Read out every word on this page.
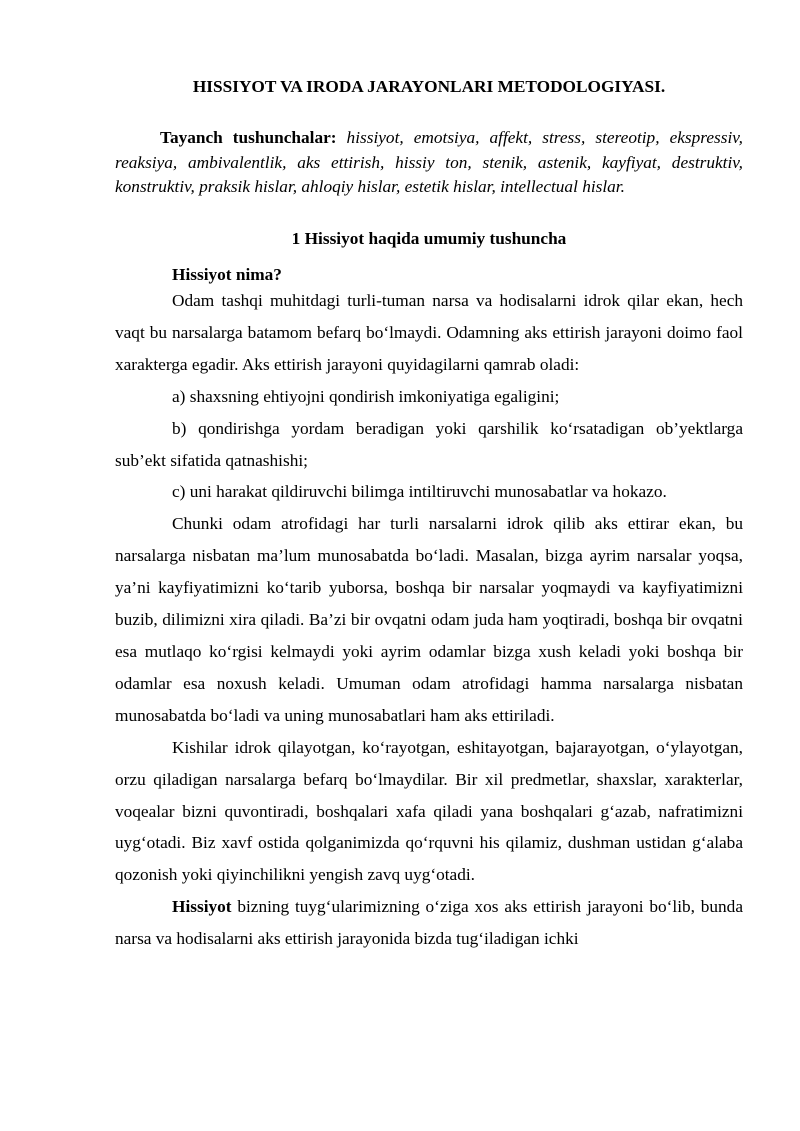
HISSIYOT VA IRODA JARAYONLARI METODOLOGIYASI.
Tayanch tushunchalar: hissiyot, emotsiya, affekt, stress, stereotip, ekspressiv, reaksiya, ambivalentlik, aks ettirish, hissiy ton, stenik, astenik, kayfiyat, destruktiv, konstruktiv, praksik hislar, ahloqiy hislar, estetik hislar, intellectual hislar.
1 Hissiyot haqida umumiy tushuncha
Hissiyot nima?

Odam tashqi muhitdagi turli-tuman narsa va hodisalarni idrok qilar ekan, hech vaqt bu narsalarga batamom befarq bo‘lmaydi. Odamning aks ettirish jarayoni doimo faol xarakterga egadir. Aks ettirish jarayoni quyidagilarni qamrab oladi:

a) shaxsning ehtiyojni qondirish imkoniyatiga egaligini;

b) qondirishga yordam beradigan yoki qarshilik ko‘rsatadigan ob’yektlarga sub’ekt sifatida qatnashishi;

c) uni harakat qildiruvchi bilimga intiltiruvchi munosabatlar va hokazo.

Chunki odam atrofidagi har turli narsalarni idrok qilib aks ettirar ekan, bu narsalarga nisbatan ma’lum munosabatda bo‘ladi. Masalan, bizga ayrim narsalar yoqsa, ya’ni kayfiyatimizni ko‘tarib yuborsa, boshqa bir narsalar yoqmaydi va kayfiyatimizni buzib, dilimizni xira qiladi. Ba’zi bir ovqatni odam juda ham yoqtiradi, boshqa bir ovqatni esa mutlaqo ko‘rgisi kelmaydi yoki ayrim odamlar bizga xush keladi yoki boshqa bir odamlar esa noxush keladi. Umuman odam atrofidagi hamma narsalarga nisbatan munosabatda bo‘ladi va uning munosabatlari ham aks ettiriladi.

Kishilar idrok qilayotgan, ko‘rayotgan, eshitayotgan, bajarayotgan, o‘ylayotgan, orzu qiladigan narsalarga befarq bo‘lmaydilar. Bir xil predmetlar, shaxslar, xarakterlar, voqealar bizni quvontiradi, boshqalari xafa qiladi yana boshqalari g‘azab, nafratimizni uyg‘otadi. Biz xavf ostida qolganimizda qo‘rquvni his qilamiz, dushman ustidan g‘alaba qozonish yoki qiyinchilikni yengish zavq uyg‘otadi.

Hissiyot bizning tuyg‘ularimizning o‘ziga xos aks ettirish jarayoni bo‘lib, bunda narsa va hodisalarni aks ettirish jarayonida bizda tug‘iladigan ichki
